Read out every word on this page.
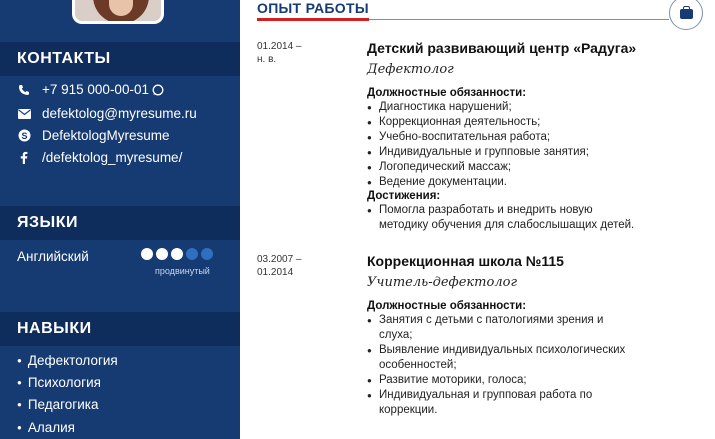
КОНТАКТЫ
+7 915 000-00-01
defektolog@myresume.ru
S DefektologMyresume
/defektolog_myresume/
ЯЗЫКИ
Английский
продвинутый
НАВЫКИ
● Дефектология
● Психология
● Педагогика
● Алалия
ОПЫТ РАБОТЫ
01.2014 –
н. в.
Детский развивающий центр «Радуга»
Дефектолог
Должностные обязанности:
● Диагностика нарушений;
● Коррекционная деятельность;
● Учебно-воспитательная работа;
● Индивидуальные и групповые занятия;
● Логопедический массаж;
● Ведение документации.
Достижения:
● Помогла разработать и внедрить новую
методику обучения для слабослышащих детей.
03.2007 –
01.2014
Коррекционная школа №115
Учитель-дефектолог
Должностные обязанности:
● Занятия с детьми с патологиями зрения и
слуха;
● Выявление индивидуальных психологических
особенностей;
● Развитие моторики, голоса;
● Индивидуальная и групповая работа по
коррекции.
